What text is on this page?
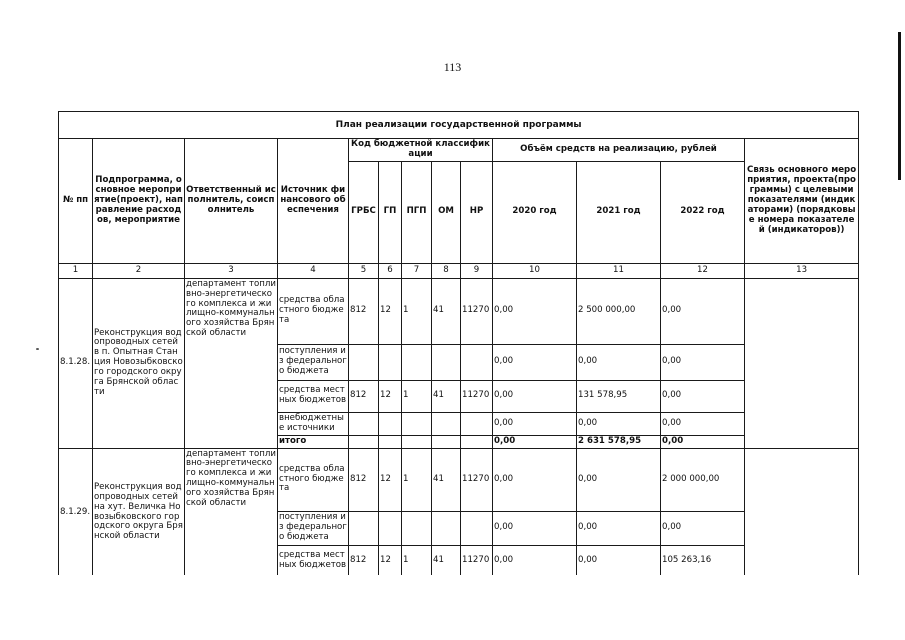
113
План реализации государственной программы												
№ пп	Подпрограмма, основное мероприятие(проект), направление расходов, мероприятие	Ответственный исполнитель, соисполнитель	Источник финансового обеспечения	Код бюджетной классификации					Объём средств на реализацию, рублей			Связь основного мероприятия, проекта(программы) с целевыми показателями (индикаторами) (порядковые номера показателей (индикаторов))
				ГРБС	ГП	ПГП	ОМ	НР	2020 год	2021 год	2022 год	
1	2	3	4	5	6	7	8	9	10	11	12	13
8.1.28.	Реконструкция водопроводных сетей в п. Опытная Станция Новозыбковского городского округа Брянской области	департамент топливно-энергетического комплекса и жилищно-коммунального хозяйства Брянской области	средства областного бюджета	812	12	1	41	11270	0,00	2 500 000,00	0,00	
			поступления из федерального бюджета						0,00	0,00	0,00	
			средства местных бюджетов	812	12	1	41	11270	0,00	131 578,95	0,00	
			внебюджетные источники						0,00	0,00	0,00	
			итого						0,00	2 631 578,95	0,00	
8.1.29.	Реконструкция водопроводных сетей на хут. Величка Новозыбковского городского округа Брянской области	департамент топливно-энергетического комплекса и жилищно-коммунального хозяйства Брянской области	средства областного бюджета	812	12	1	41	11270	0,00	0,00	2 000 000,00	
			поступления из федерального бюджета						0,00	0,00	0,00	
			средства местных бюджетов	812	12	1	41	11270	0,00	0,00	105 263,16	
